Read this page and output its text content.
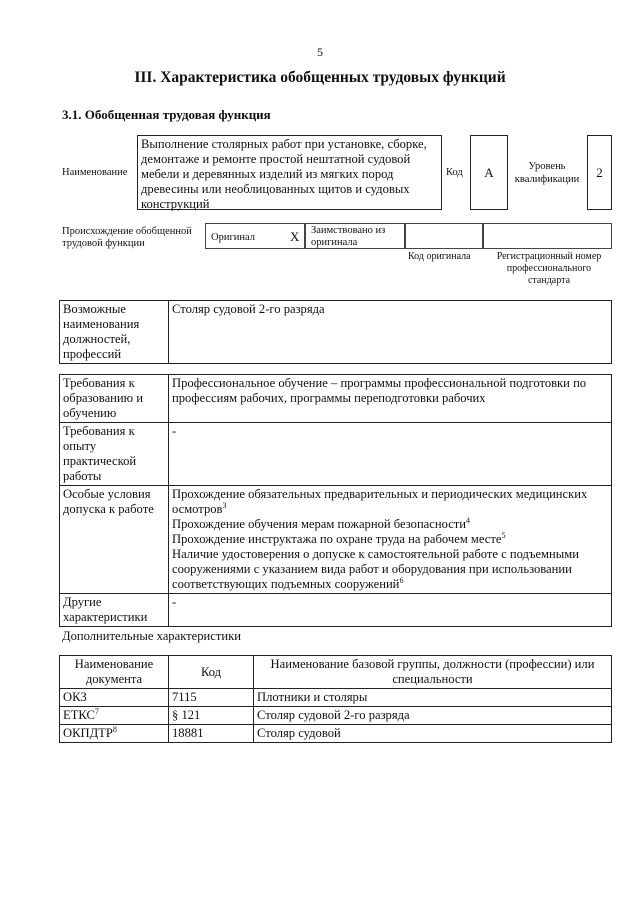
5
III. Характеристика обобщенных трудовых функций
3.1. Обобщенная трудовая функция
Наименование
Выполнение столярных работ при установке, сборке, демонтаже и ремонте простой нештатной судовой мебели и деревянных изделий из мягких пород древесины или необлицованных щитов и судовых конструкций
Код	A	Уровень квалификации	2
Происхождение обобщенной трудовой функции
Оригинал	X Заимствовано из оригинала
Код оригинала	Регистрационный номер профессионального стандарта
Возможные наименования должностей, профессий	Столяр судовой 2-го разряда
Требования к образованию и обучению	Профессиональное обучение – программы профессиональной подготовки по профессиям рабочих, программы переподготовки рабочих
Требования к опыту практической работы	-
Особые условия допуска к работе	Прохождение обязательных предварительных и периодических медицинских осмотров$^3$
Прохождение обучения мерам пожарной безопасности$^4$
Прохождение инструктажа по охране труда на рабочем месте$^5$
Наличие удостоверения о допуске к самостоятельной работе с подъемными сооружениями с указанием вида работ и оборудования при использовании соответствующих подъемных сооружений$^6$

Другие характеристики	-
Дополнительные характеристики
Наименование документа	Код	Наименование базовой группы, должности (профессии) или специальности
ОКЗ	7115	Плотники и столяры
ЕТКС$^7$	§ 121	Столяр судовой 2-го разряда
ОКПДТР$^8$	18881	Столяр судовой
